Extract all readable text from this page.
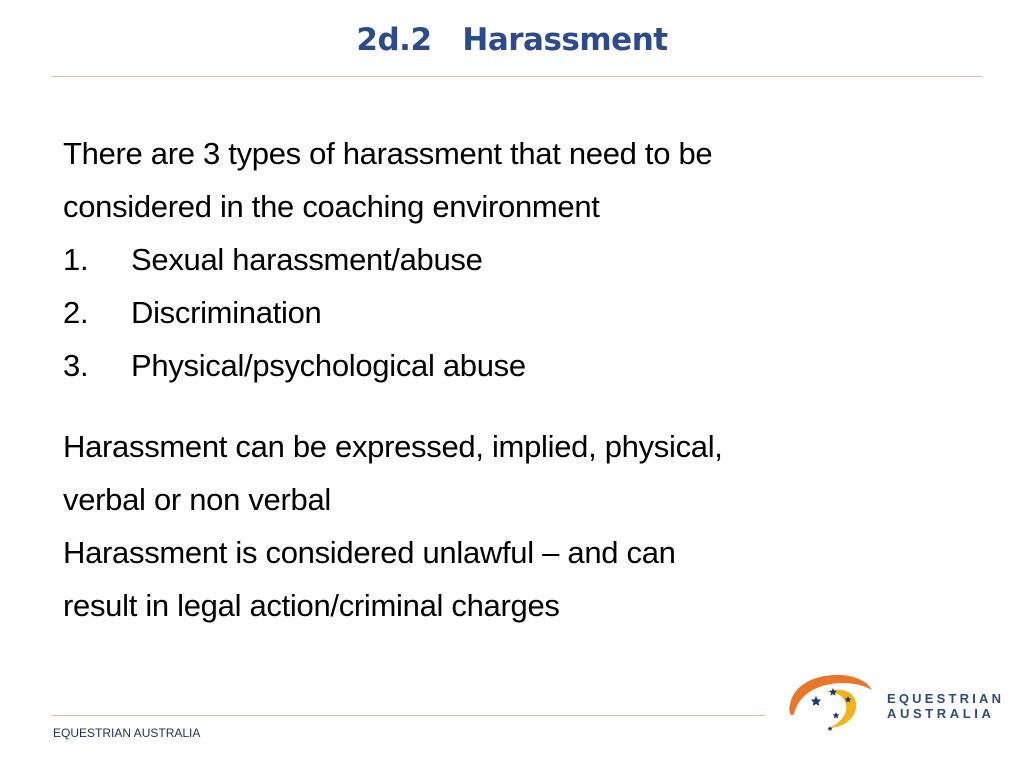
2d.2   Harassment
There are 3 types of harassment that need to be
considered in the coaching environment
1.	Sexual harassment/abuse
2.	Discrimination
3.	Physical/psychological abuse
Harassment can be expressed, implied, physical,
verbal or non verbal
Harassment is considered unlawful – and can
result in legal action/criminal charges
EQUESTRIAN AUSTRALIA
EQUESTRIAN
AUSTRALIA
